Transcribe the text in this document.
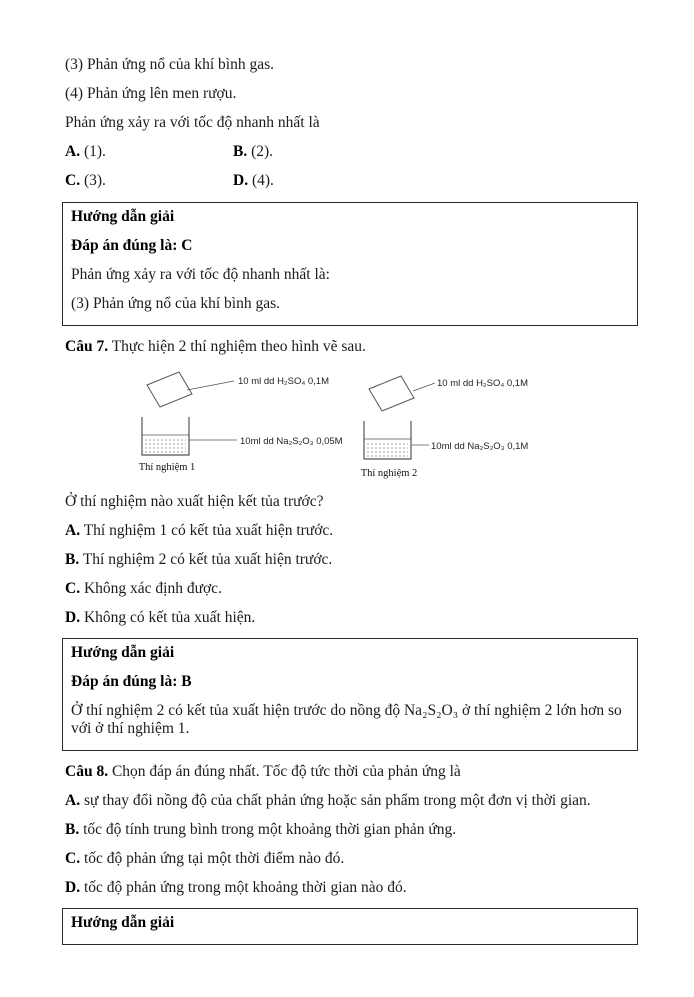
(3) Phản ứng nổ của khí bình gas.

(4) Phản ứng lên men rượu.

Phản ứng xảy ra với tốc độ nhanh nhất là

A. (1).	B. (2).

C. (3).	D. (4).

Hướng dẫn giải

Đáp án đúng là: C

Phản ứng xảy ra với tốc độ nhanh nhất là:

(3) Phản ứng nổ của khí bình gas.

Câu 7. Thực hiện 2 thí nghiệm theo hình vẽ sau.

10 ml dd H₂SO₄ 0,1M
10ml dd Na₂S₂O₃ 0,05M
Thí nghiệm 1
10 ml dd H₂SO₄ 0,1M
10ml dd Na₂S₂O₃ 0,1M
Thí nghiệm 2

Ở thí nghiệm nào xuất hiện kết tủa trước?

A. Thí nghiệm 1 có kết tủa xuất hiện trước.

B. Thí nghiệm 2 có kết tủa xuất hiện trước.

C. Không xác định được.

D. Không có kết tủa xuất hiện.

Hướng dẫn giải

Đáp án đúng là: B

Ở thí nghiệm 2 có kết tủa xuất hiện trước do nồng độ Na₂S₂O₃ ở thí nghiệm 2 lớn hơn so với ở thí nghiệm 1.

Câu 8. Chọn đáp án đúng nhất. Tốc độ tức thời của phản ứng là

A. sự thay đổi nồng độ của chất phản ứng hoặc sản phẩm trong một đơn vị thời gian.

B. tốc độ tính trung bình trong một khoảng thời gian phản ứng.

C. tốc độ phản ứng tại một thời điểm nào đó.

D. tốc độ phản ứng trong một khoảng thời gian nào đó.

Hướng dẫn giải
